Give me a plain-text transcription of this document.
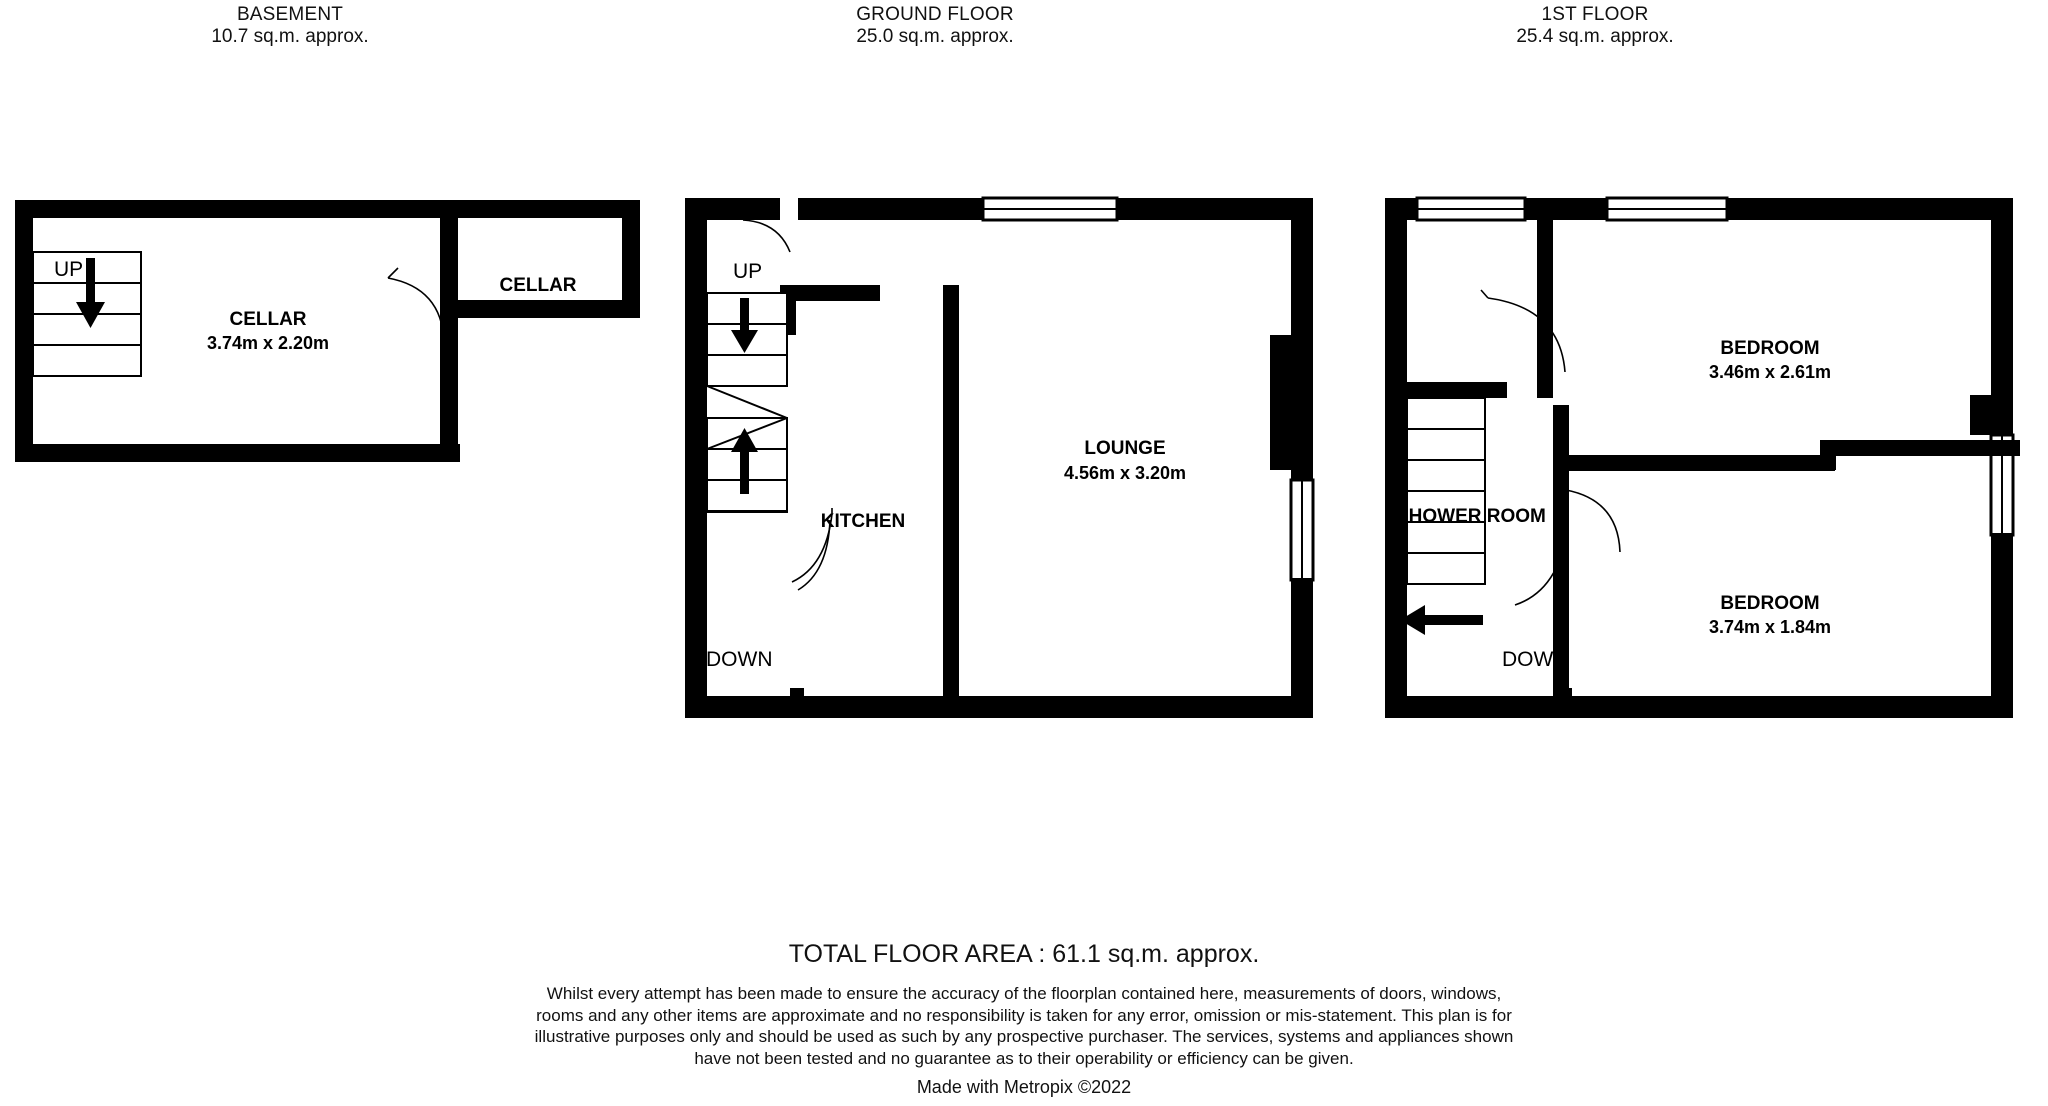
BASEMENT
10.7 sq.m. approx.
UP
CELLAR
3.74m x 2.20m
CELLAR
1.59m x 1.55m
GROUND FLOOR
25.0 sq.m. approx.
UP
DOWN
KITCHEN
LOUNGE
4.56m x 3.20m
1ST FLOOR
25.4 sq.m. approx.
SHOWER ROOM
DOWN
BEDROOM
3.46m x 2.61m
BEDROOM
3.74m x 1.84m
TOTAL FLOOR AREA : 61.1 sq.m. approx.
Whilst every attempt has been made to ensure the accuracy of the floorplan contained here, measurements of doors, windows, rooms and any other items are approximate and no responsibility is taken for any error, omission or mis-statement. This plan is for illustrative purposes only and should be used as such by any prospective purchaser. The services, systems and appliances shown have not been tested and no guarantee as to their operability or efficiency can be given.
Made with Metropix ©2022
